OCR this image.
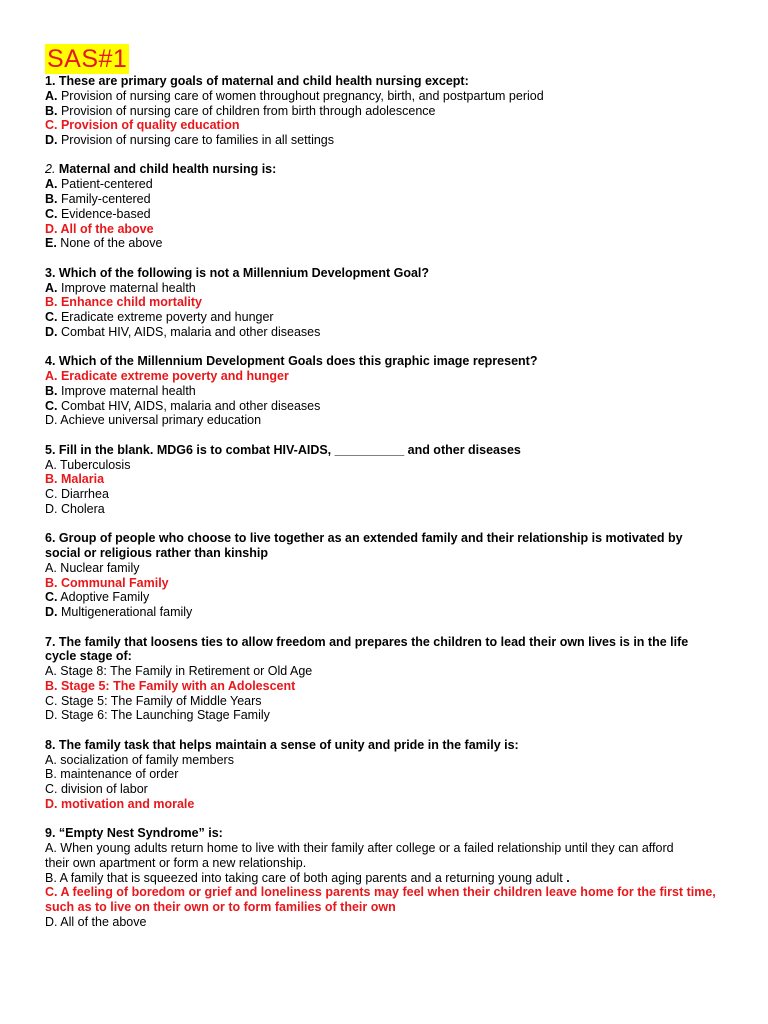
SAS#1
1. These are primary goals of maternal and child health nursing except:
A. Provision of nursing care of women throughout pregnancy, birth, and postpartum period
B. Provision of nursing care of children from birth through adolescence
C. Provision of quality education
D. Provision of nursing care to families in all settings
2. Maternal and child health nursing is:
A. Patient-centered
B. Family-centered
C. Evidence-based
D. All of the above
E. None of the above
3. Which of the following is not a Millennium Development Goal?
A. Improve maternal health
B. Enhance child mortality
C. Eradicate extreme poverty and hunger
D. Combat HIV, AIDS, malaria and other diseases
4. Which of the Millennium Development Goals does this graphic image represent?
A. Eradicate extreme poverty and hunger
B. Improve maternal health
C. Combat HIV, AIDS, malaria and other diseases
D. Achieve universal primary education
5. Fill in the blank. MDG6 is to combat HIV-AIDS, __________ and other diseases
A. Tuberculosis
B. Malaria
C. Diarrhea
D. Cholera
6. Group of people who choose to live together as an extended family and their relationship is motivated by
social or religious rather than kinship
A. Nuclear family
B. Communal Family
C. Adoptive Family
D. Multigenerational family
7. The family that loosens ties to allow freedom and prepares the children to lead their own lives is in the life
cycle stage of:
A. Stage 8: The Family in Retirement or Old Age
B. Stage 5: The Family with an Adolescent
C. Stage 5: The Family of Middle Years
D. Stage 6: The Launching Stage Family
8. The family task that helps maintain a sense of unity and pride in the family is:
A. socialization of family members
B. maintenance of order
C. division of labor
D. motivation and morale
9. “Empty Nest Syndrome” is:
A. When young adults return home to live with their family after college or a failed relationship until they can afford
their own apartment or form a new relationship.
B. A family that is squeezed into taking care of both aging parents and a returning young adult .
C. A feeling of boredom or grief and loneliness parents may feel when their children leave home for the first time,
such as to live on their own or to form families of their own
D. All of the above
